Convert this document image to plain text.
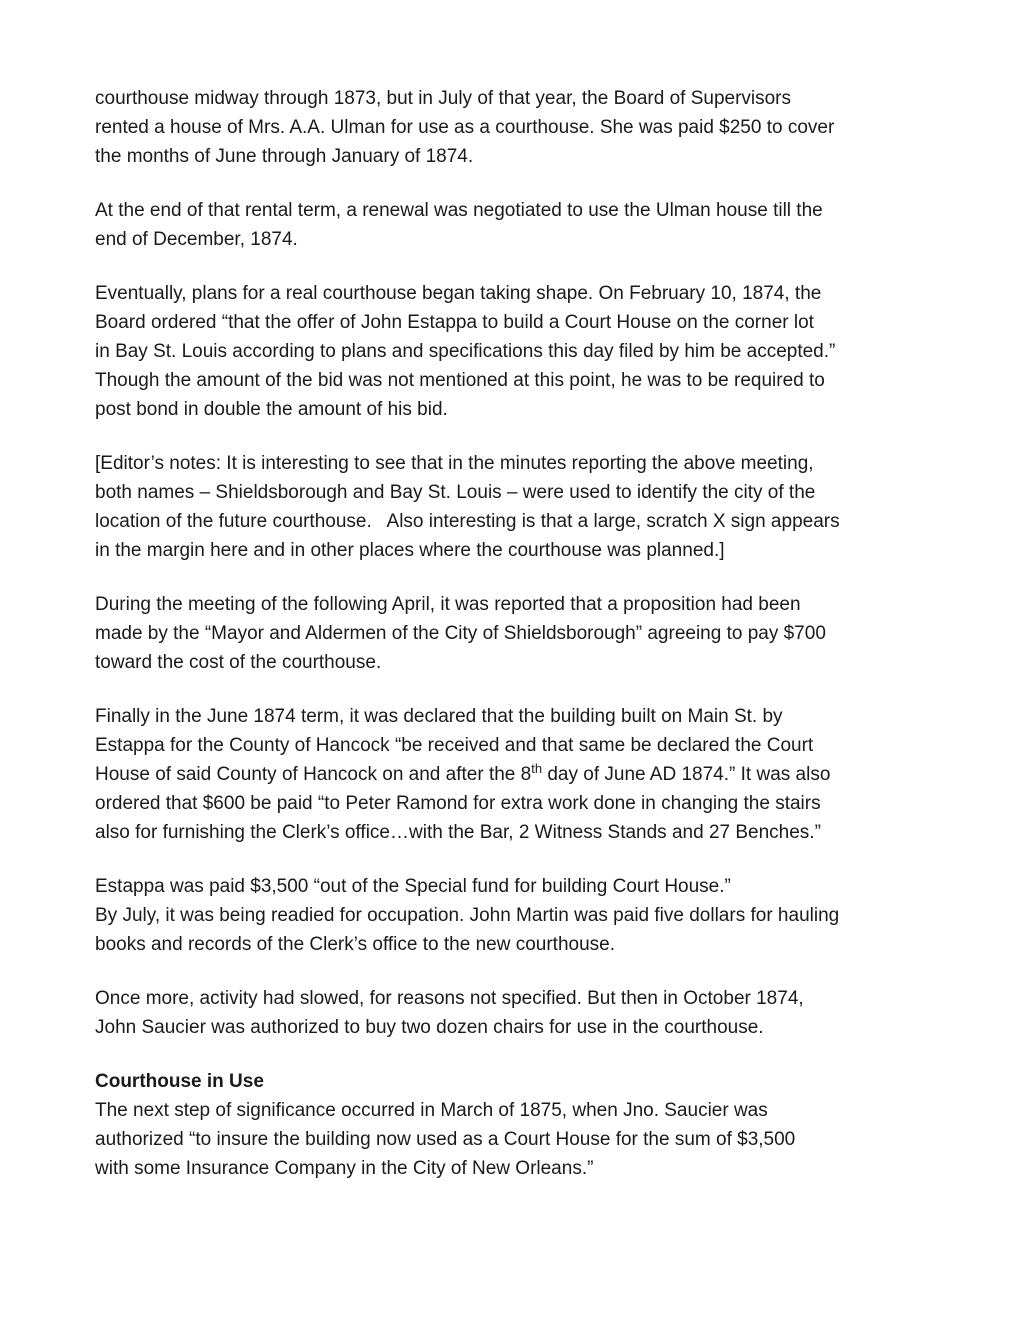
courthouse midway through 1873, but in July of that year, the Board of Supervisors
rented a house of Mrs. A.A. Ulman for use as a courthouse. She was paid $250 to cover
the months of June through January of 1874.

At the end of that rental term, a renewal was negotiated to use the Ulman house till the
end of December, 1874.

Eventually, plans for a real courthouse began taking shape. On February 10, 1874, the
Board ordered “that the offer of John Estappa to build a Court House on the corner lot
in Bay St. Louis according to plans and specifications this day filed by him be accepted.”
Though the amount of the bid was not mentioned at this point, he was to be required to
post bond in double the amount of his bid.

[Editor’s notes: It is interesting to see that in the minutes reporting the above meeting,
both names – Shieldsborough and Bay St. Louis – were used to identify the city of the
location of the future courthouse.   Also interesting is that a large, scratch X sign appears
in the margin here and in other places where the courthouse was planned.]

During the meeting of the following April, it was reported that a proposition had been
made by the “Mayor and Aldermen of the City of Shieldsborough” agreeing to pay $700
toward the cost of the courthouse.

Finally in the June 1874 term, it was declared that the building built on Main St. by
Estappa for the County of Hancock “be received and that same be declared the Court
House of said County of Hancock on and after the 8th day of June AD 1874.” It was also
ordered that $600 be paid “to Peter Ramond for extra work done in changing the stairs
also for furnishing the Clerk’s office…with the Bar, 2 Witness Stands and 27 Benches.”

Estappa was paid $3,500 “out of the Special fund for building Court House.”
By July, it was being readied for occupation. John Martin was paid five dollars for hauling
books and records of the Clerk’s office to the new courthouse.

Once more, activity had slowed, for reasons not specified. But then in October 1874,
John Saucier was authorized to buy two dozen chairs for use in the courthouse.

Courthouse in Use

The next step of significance occurred in March of 1875, when Jno. Saucier was
authorized “to insure the building now used as a Court House for the sum of $3,500
with some Insurance Company in the City of New Orleans.”
